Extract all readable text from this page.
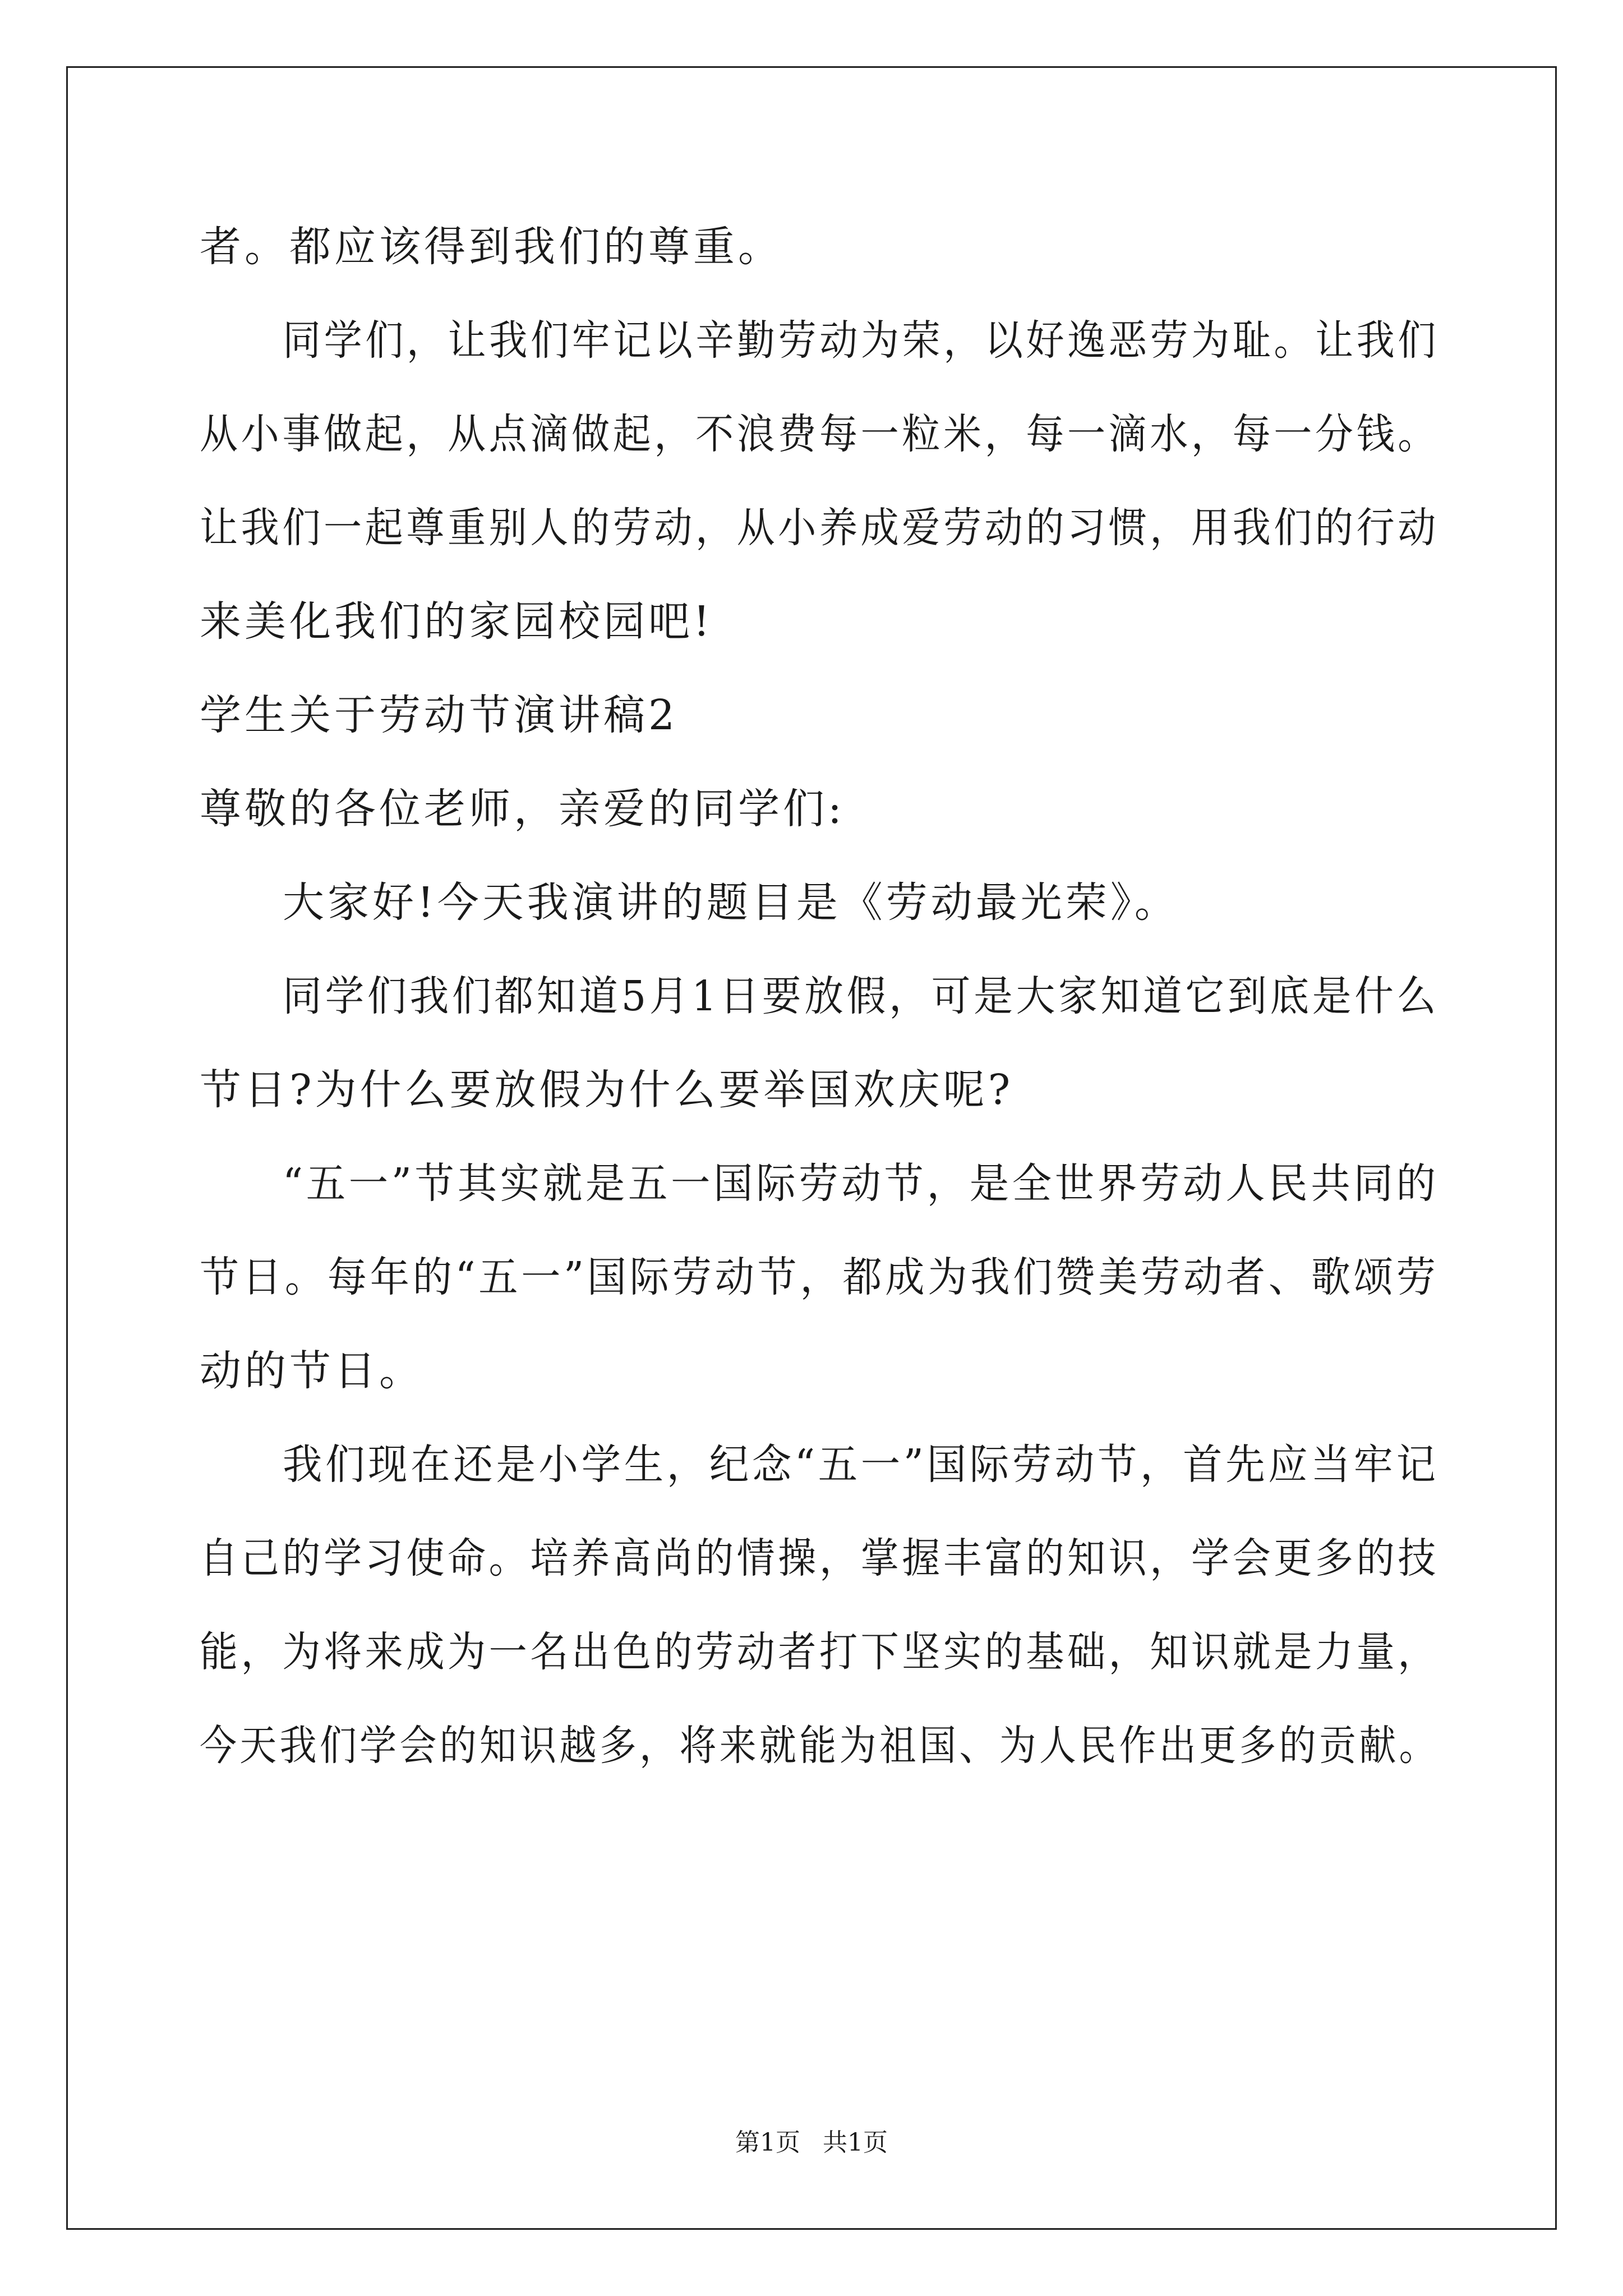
者。都应该得到我们的尊重。
同学们，让我们牢记以辛勤劳动为荣，以好逸恶劳为耻。让我们
从小事做起，从点滴做起，不浪费每一粒米，每一滴水，每一分钱。
让我们一起尊重别人的劳动，从小养成爱劳动的习惯，用我们的行动
来美化我们的家园校园吧!
学生关于劳动节演讲稿2
尊敬的各位老师，亲爱的同学们:
大家好!今天我演讲的题目是《劳动最光荣》。
同学们我们都知道5月1日要放假，可是大家知道它到底是什么
节日?为什么要放假为什么要举国欢庆呢?
“五一”节其实就是五一国际劳动节，是全世界劳动人民共同的
节日。每年的“五一”国际劳动节，都成为我们赞美劳动者、歌颂劳
动的节日。
我们现在还是小学生，纪念“五一”国际劳动节，首先应当牢记
自己的学习使命。培养高尚的情操，掌握丰富的知识，学会更多的技
能，为将来成为一名出色的劳动者打下坚实的基础，知识就是力量，
今天我们学会的知识越多，将来就能为祖国、为人民作出更多的贡献。
第1页 共1页
